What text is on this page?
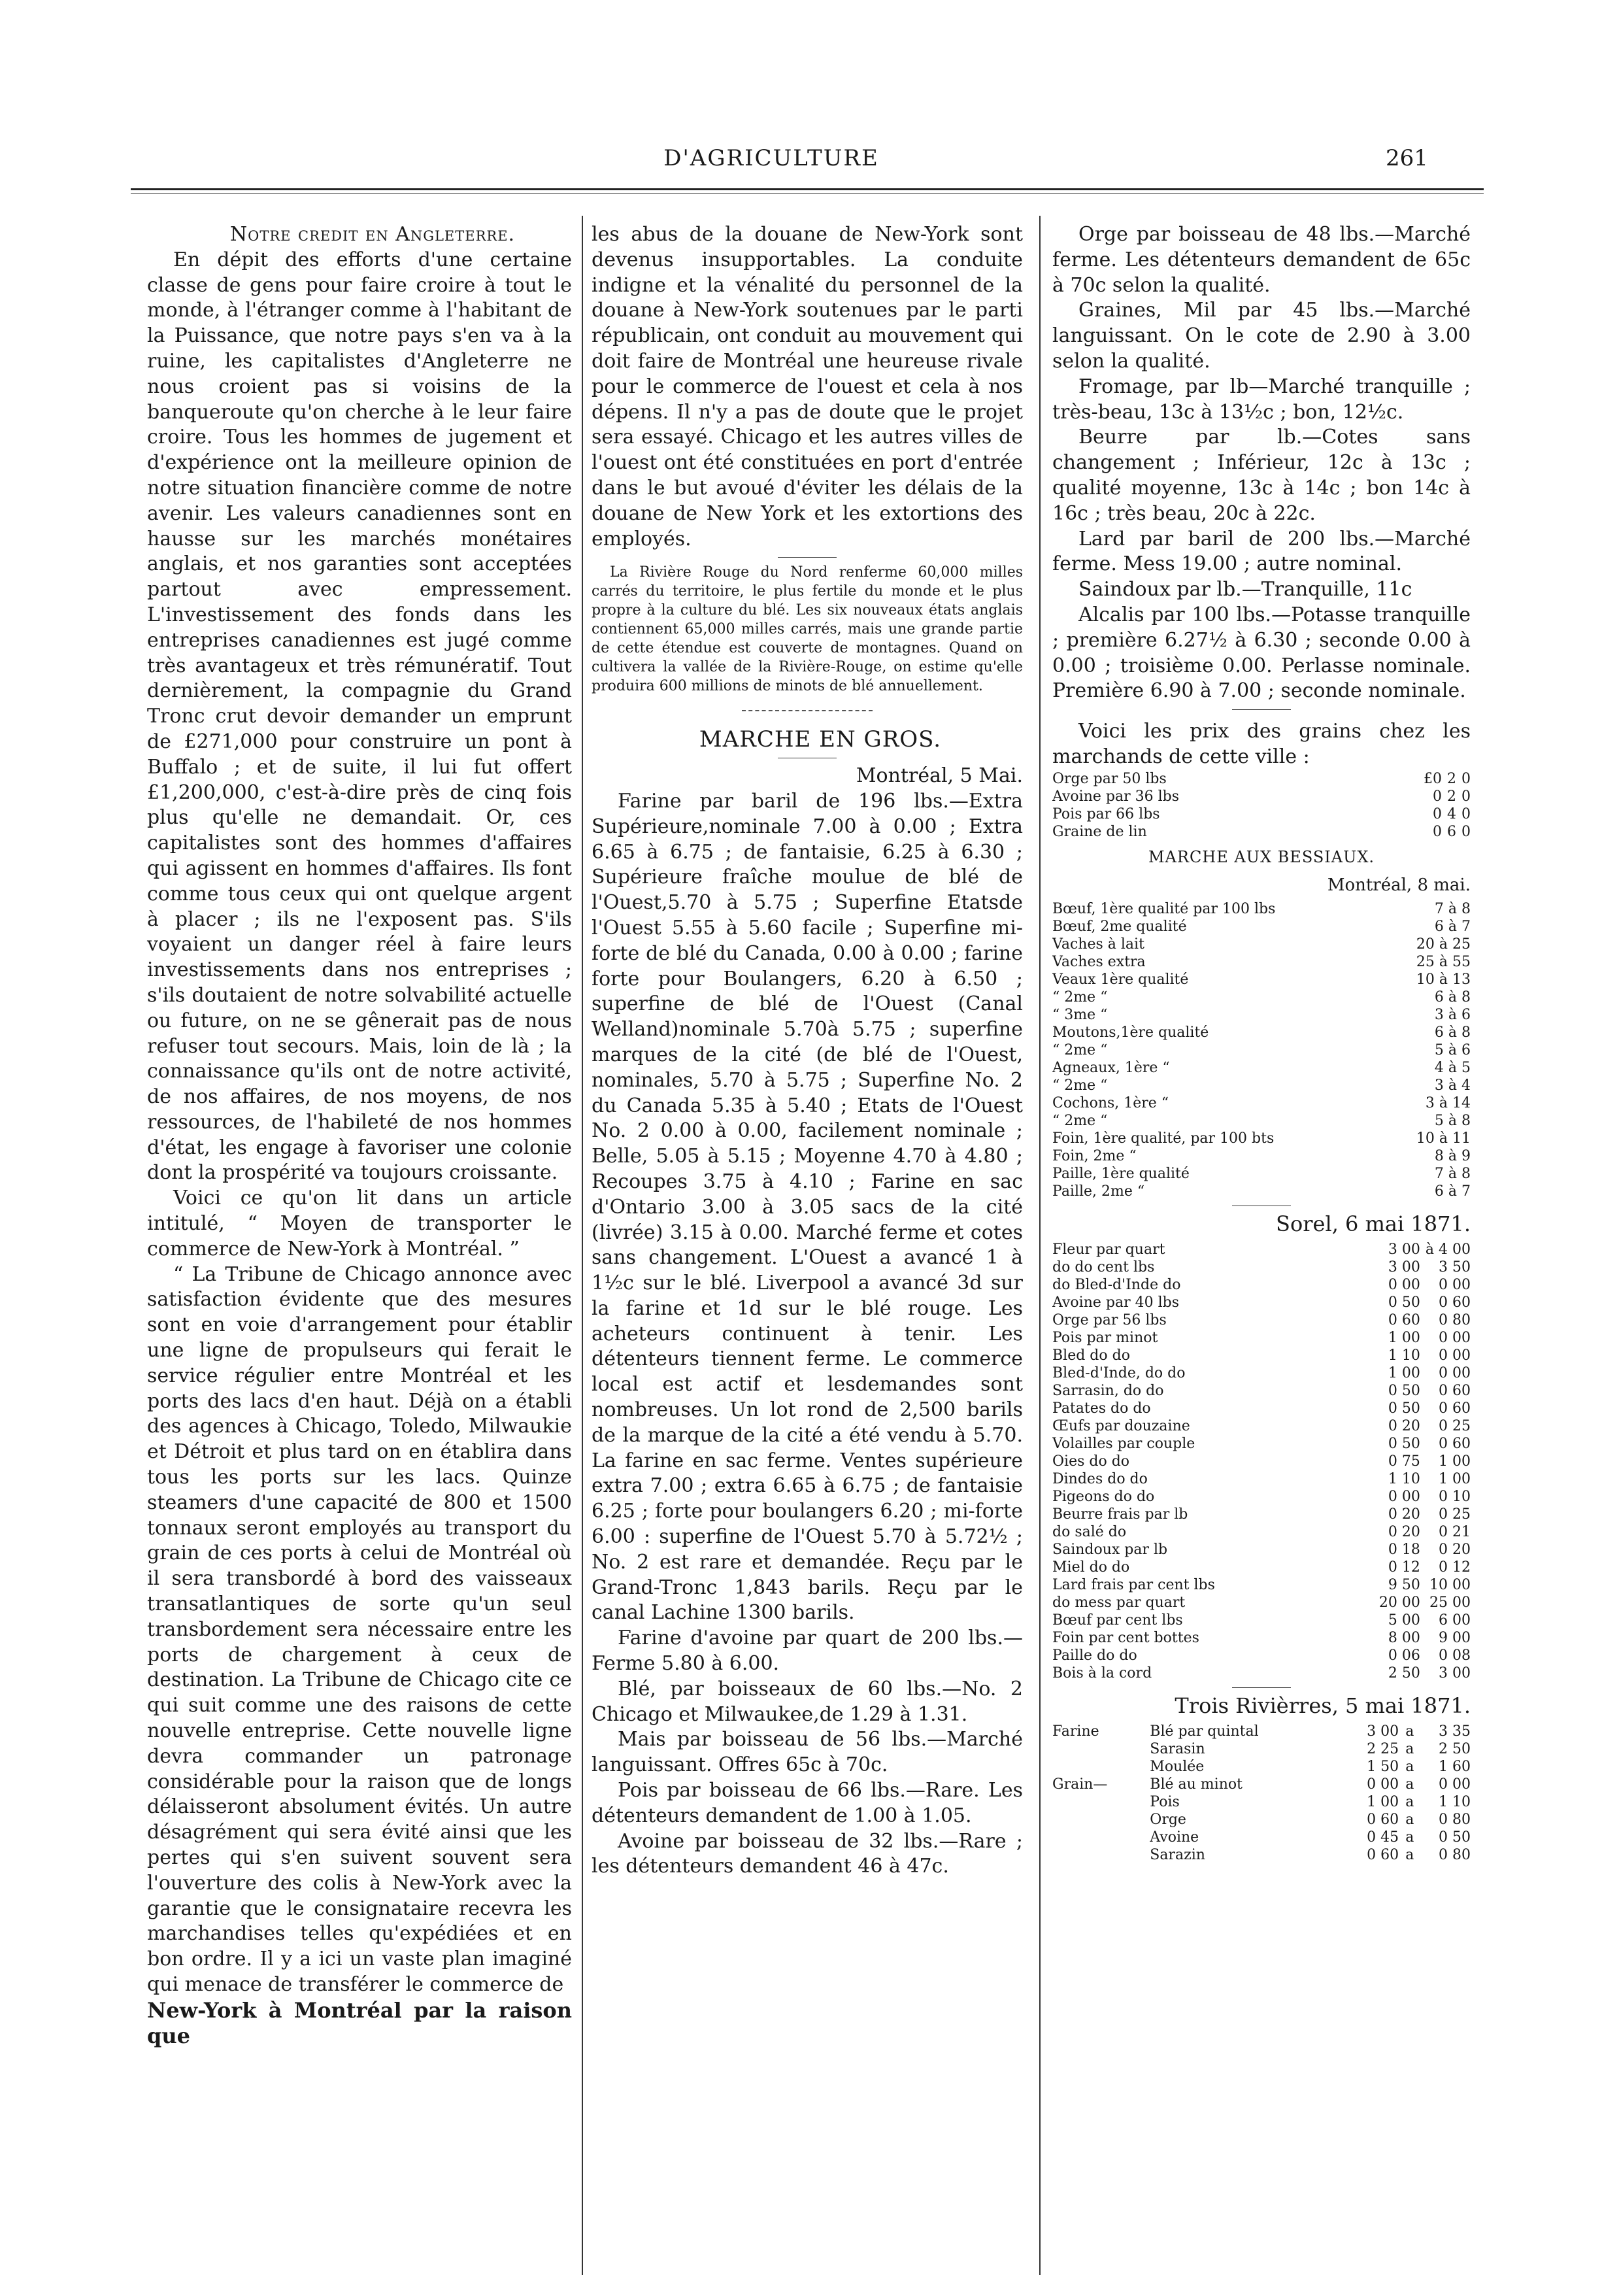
D'AGRICULTURE	261

Notre credit en Angleterre.

En dépit des efforts d'une certaine classe de gens pour faire croire à tout le monde, à l'étranger comme à l'habitant de la Puissance, que notre pays s'en va à la ruine, les capitalistes d'Angleterre ne nous croient pas si voisins de la banqueroute qu'on cherche à le leur faire croire. Tous les hommes de jugement et d'expérience ont la meilleure opinion de notre situation financière comme de notre avenir. Les valeurs canadiennes sont en hausse sur les marchés monétaires anglais, et nos garanties sont acceptées partout avec empressement. L'investissement des fonds dans les entreprises canadiennes est jugé comme très avantageux et très rémunératif. Tout dernièrement, la compagnie du Grand Tronc crut devoir demander un emprunt de £271,000 pour construire un pont à Buffalo ; et de suite, il lui fut offert £1,200,000, c'est-à-dire près de cinq fois plus qu'elle ne demandait. Or, ces capitalistes sont des hommes d'affaires qui agissent en hommes d'affaires. Ils font comme tous ceux qui ont quelque argent à placer ; ils ne l'exposent pas. S'ils voyaient un danger réel à faire leurs investissements dans nos entreprises ; s'ils doutaient de notre solvabilité actuelle ou future, on ne se gênerait pas de nous refuser tout secours. Mais, loin de là ; la connaissance qu'ils ont de notre activité, de nos affaires, de nos moyens, de nos ressources, de l'habileté de nos hommes d'état, les engage à favoriser une colonie dont la prospérité va toujours croissante.

Voici ce qu'on lit dans un article intitulé, “ Moyen de transporter le commerce de New-York à Montréal. ”

“ La Tribune de Chicago annonce avec satisfaction évidente que des mesures sont en voie d'arrangement pour établir une ligne de propulseurs qui ferait le service régulier entre Montréal et les ports des lacs d'en haut. Déjà on a établi des agences à Chicago, Toledo, Milwaukie et Détroit et plus tard on en établira dans tous les ports sur les lacs. Quinze steamers d'une capacité de 800 et 1500 tonnaux seront employés au transport du grain de ces ports à celui de Montréal où il sera transbordé à bord des vaisseaux transatlantiques de sorte qu'un seul transbordement sera nécessaire entre les ports de chargement à ceux de destination. La Tribune de Chicago cite ce qui suit comme une des raisons de cette nouvelle entreprise. Cette nouvelle ligne devra commander un patronage considérable pour la raison que de longs délaisseront absolument évités. Un autre désagrément qui sera évité ainsi que les pertes qui s'en suivent souvent sera l'ouverture des colis à New-York avec la garantie que le consignataire recevra les marchandises telles qu'expédiées et en bon ordre. Il y a ici un vaste plan imaginé qui menace de transférer le commerce de

New-York à Montréal par la raison que

les abus de la douane de New-York sont devenus insupportables. La conduite indigne et la vénalité du personnel de la douane à New-York soutenues par le parti républicain, ont conduit au mouvement qui doit faire de Montréal une heureuse rivale pour le commerce de l'ouest et cela à nos dépens. Il n'y a pas de doute que le projet sera essayé. Chicago et les autres villes de l'ouest ont été constituées en port d'entrée dans le but avoué d'éviter les délais de la douane de New York et les extortions des employés.

La Rivière Rouge du Nord renferme 60,000 milles carrés du territoire, le plus fertile du monde et le plus propre à la culture du blé. Les six nouveaux états anglais contiennent 65,000 milles carrés, mais une grande partie de cette étendue est couverte de montagnes. Quand on cultivera la vallée de la Rivière-Rouge, on estime qu'elle produira 600 millions de minots de blé annuellement.

MARCHE EN GROS.

Montréal, 5 Mai.

Farine par baril de 196 lbs.—Extra Supérieure,nominale 7.00 à 0.00 ; Extra 6.65 à 6.75 ; de fantaisie, 6.25 à 6.30 ; Supérieure fraîche moulue de blé de l'Ouest,5.70 à 5.75 ; Superfine Etatsde l'Ouest 5.55 à 5.60 facile ; Superfine mi-forte de blé du Canada, 0.00 à 0.00 ; farine forte pour Boulangers, 6.20 à 6.50 ; superfine de blé de l'Ouest (Canal Welland)nominale 5.70à 5.75 ; superfine marques de la cité (de blé de l'Ouest, nominales, 5.70 à 5.75 ; Superfine No. 2 du Canada 5.35 à 5.40 ; Etats de l'Ouest No. 2 0.00 à 0.00, facilement nominale ; Belle, 5.05 à 5.15 ; Moyenne 4.70 à 4.80 ; Recoupes 3.75 à 4.10 ; Farine en sac d'Ontario 3.00 à 3.05 sacs de la cité (livrée) 3.15 à 0.00. Marché ferme et cotes sans changement. L'Ouest a avancé 1 à 1½c sur le blé. Liverpool a avancé 3d sur la farine et 1d sur le blé rouge. Les acheteurs continuent à tenir. Les détenteurs tiennent ferme. Le commerce local est actif et lesdemandes sont nombreuses. Un lot rond de 2,500 barils de la marque de la cité a été vendu à 5.70. La farine en sac ferme. Ventes supérieure extra 7.00 ; extra 6.65 à 6.75 ; de fantaisie 6.25 ; forte pour boulangers 6.20 ; mi-forte 6.00 : superfine de l'Ouest 5.70 à 5.72½ ; No. 2 est rare et demandée. Reçu par le Grand-Tronc 1,843 barils. Reçu par le canal Lachine 1300 barils.

Farine d'avoine par quart de 200 lbs.—Ferme 5.80 à 6.00.

Blé, par boisseaux de 60 lbs.—No. 2 Chicago et Milwaukee,de 1.29 à 1.31.

Mais par boisseau de 56 lbs.—Marché languissant. Offres 65c à 70c.

Pois par boisseau de 66 lbs.—Rare. Les détenteurs demandent de 1.00 à 1.05.

Avoine par boisseau de 32 lbs.—Rare ; les détenteurs demandent 46 à 47c.

Orge par boisseau de 48 lbs.—Marché ferme. Les détenteurs demandent de 65c à 70c selon la qualité.

Graines, Mil par 45 lbs.—Marché languissant. On le cote de 2.90 à 3.00 selon la qualité.

Fromage, par lb—Marché tranquille ; très-beau, 13c à 13½c ; bon, 12½c.

Beurre par lb.—Cotes sans changement ; Inférieur, 12c à 13c ; qualité moyenne, 13c à 14c ; bon 14c à 16c ; très beau, 20c à 22c.

Lard par baril de 200 lbs.—Marché ferme. Mess 19.00 ; autre nominal.

Saindoux par lb.—Tranquille, 11c

Alcalis par 100 lbs.—Potasse tranquille ; première 6.27½ à 6.30 ; seconde 0.00 à 0.00 ; troisième 0.00. Perlasse nominale. Première 6.90 à 7.00 ; seconde nominale.

Voici les prix des grains chez les marchands de cette ville :

Orge par 50 lbs	£0	2	0
Avoine par 36 lbs	0	2	0
Pois par 66 lbs	0	4	0
Graine de lin	0	6	0
MARCHE AUX BESSIAUX.
Montréal, 8 mai.
Bœuf, 1ère qualité par 100 lbs	7 à 8
Bœuf, 2me qualité	6 à 7
Vaches à lait	20 à 25
Vaches extra	25 à 55
Veaux 1ère qualité	10 à 13
“ 2me “	6 à 8
“ 3me “	3 à 6
Moutons,1ère qualité	6 à 8
“ 2me “	5 à 6
Agneaux, 1ère “	4 à 5
“ 2me “	3 à 4
Cochons, 1ère “	3 à 14
“ 2me “	5 à 8
Foin, 1ère qualité, par 100 bts	10 à 11
Foin, 2me “	8 à 9
Paille, 1ère qualité	7 à 8
Paille, 2me “	6 à 7
Sorel, 6 mai 1871.
Fleur par quart	3 00	à 4 00
do do cent lbs	3 00	3 50
do Bled-d'Inde do	0 00	0 00
Avoine par 40 lbs	0 50	0 60
Orge par 56 lbs	0 60	0 80
Pois par minot	1 00	0 00
Bled do do	1 10	0 00
Bled-d'Inde, do do	1 00	0 00
Sarrasin, do do	0 50	0 60
Patates do do	0 50	0 60
Œufs par douzaine	0 20	0 25
Volailles par couple	0 50	0 60
Oies do do	0 75	1 00
Dindes do do	1 10	1 00
Pigeons do do	0 00	0 10
Beurre frais par lb	0 20	0 25
do salé do	0 20	0 21
Saindoux par lb	0 18	0 20
Miel do do	0 12	0 12
Lard frais par cent lbs	9 50	10 00
do mess par quart	20 00	25 00
Bœuf par cent lbs	5 00	6 00
Foin par cent bottes	8 00	9 00
Paille do do	0 06	0 08
Bois à la cord	2 50	3 00
Trois Rivièrres, 5 mai 1871.
Farine	Blé par quintal	3 00	a	3 35
	Sarasin	2 25	a	2 50
	Moulée	1 50	a	1 60
Grain—	Blé au minot	0 00	a	0 00
	Pois	1 00	a	1 10
	Orge	0 60	a	0 80
	Avoine	0 45	a	0 50
	Sarazin	0 60	a	0 80
